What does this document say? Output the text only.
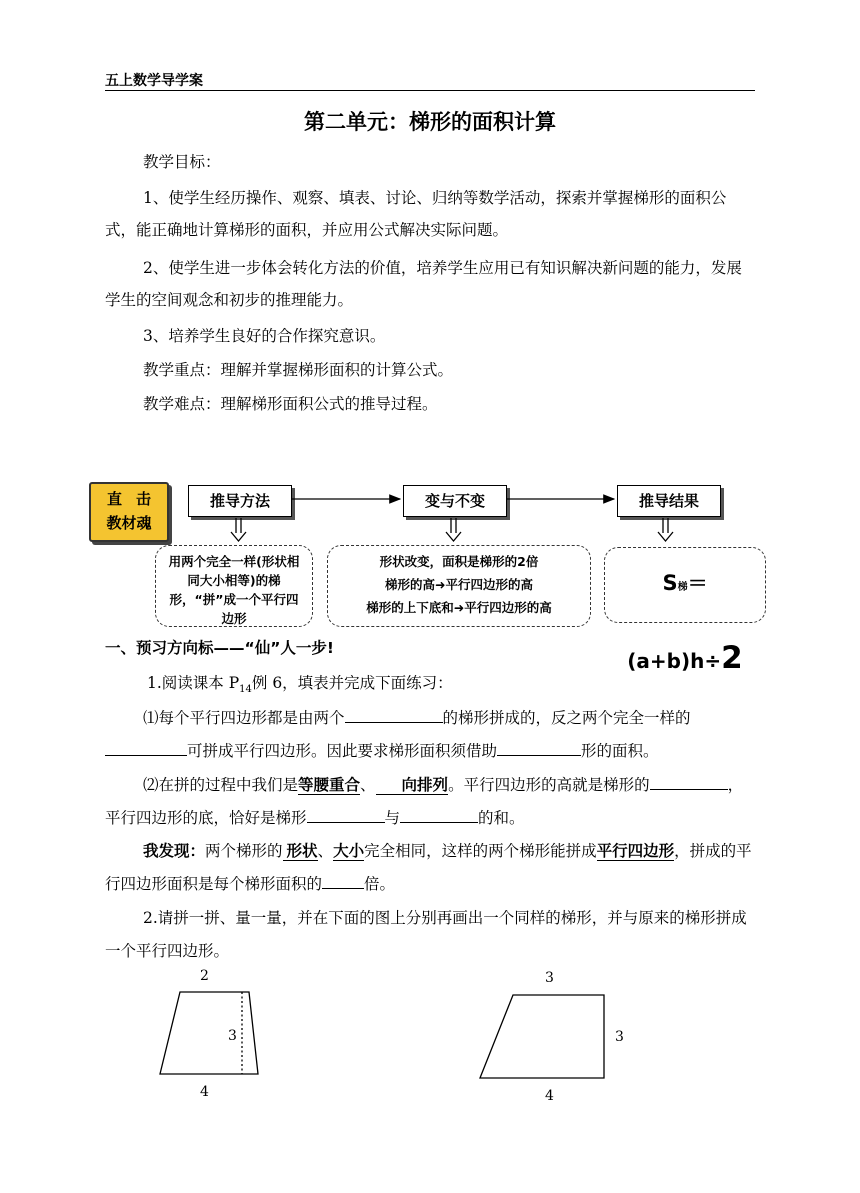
五上数学导学案
第二单元：梯形的面积计算
教学目标：
1、使学生经历操作、观察、填表、讨论、归纳等数学活动，探索并掌握梯形的面积公式，能正确地计算梯形的面积，并应用公式解决实际问题。
2、使学生进一步体会转化方法的价值，培养学生应用已有知识解决新问题的能力，发展学生的空间观念和初步的推理能力。
3、培养学生良好的合作探究意识。
教学重点：理解并掌握梯形面积的计算公式。
教学难点：理解梯形面积公式的推导过程。
直击
教材魂
推导方法	变与不变	推导结果
用两个完全一样(形状相同大小相等)的梯形，“拼”成一个平行四边形
形状改变，面积是梯形的2倍
梯形的高➜平行四边形的高
梯形的上下底和➜平行四边形的高
S梯＝(a+b)h÷2
一、预习方向标——“仙”人一步!
1.阅读课本 $P_{14}$例 6，填表并完成下面练习：
⑴每个平行四边形都是由两个	的梯形拼成的，反之两个完全一样的可拼成平行四边形。因此要求梯形面积须借助	形的面积。
⑵在拼的过程中我们是等腰重合、 向排列。平行四边形的高就是梯形的	，平行四边形的底，恰好是梯形	与	的和。
我发现：两个梯形的 形状、大小完全相同，这样的两个梯形能拼成平行四边形，拼成的平行四边形面积是每个梯形面积的	倍。
2.请拼一拼、量一量，并在下面的图上分别再画出一个同样的梯形，并与原来的梯形拼成一个平行四边形。
2
3
4
3
3
4
